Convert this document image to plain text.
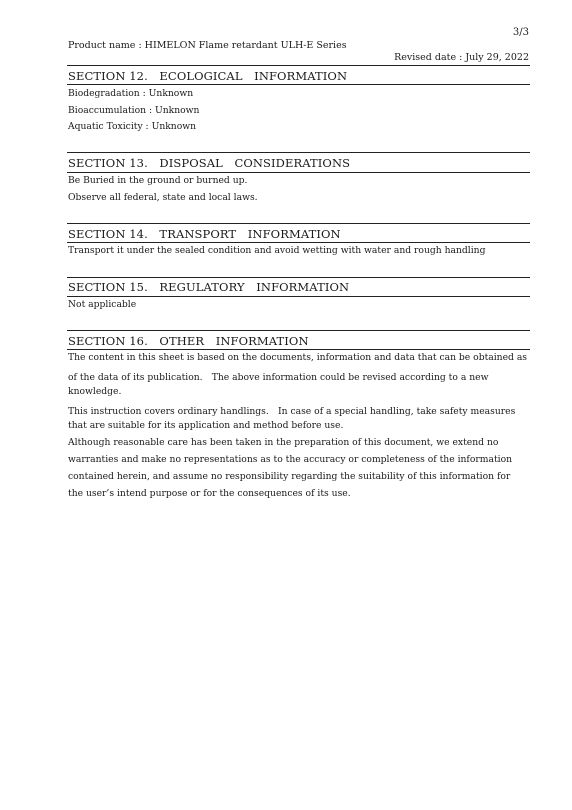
3/3
Product name : HIMELON Flame retardant ULH-E Series
Revised date : July 29, 2022
SECTION 12.　ECOLOGICAL　INFORMATION
Biodegradation : Unknown
Bioaccumulation : Unknown
Aquatic Toxicity : Unknown
SECTION 13.　DISPOSAL　CONSIDERATIONS
Be Buried in the ground or burned up.
Observe all federal, state and local laws.
SECTION 14.　TRANSPORT　INFORMATION
Transport it under the sealed condition and avoid wetting with water and rough handling
SECTION 15.　REGULATORY　INFORMATION
Not applicable
SECTION 16.　OTHER　INFORMATION
The content in this sheet is based on the documents, information and data that can be obtained as
of the data of its publication.　The above information could be revised according to a new
knowledge.
This instruction covers ordinary handlings.　In case of a special handling, take safety measures
that are suitable for its application and method before use.
Although reasonable care has been taken in the preparation of this document, we extend no
warranties and make no representations as to the accuracy or completeness of the information
contained herein, and assume no responsibility regarding the suitability of this information for
the user’s intend purpose or for the consequences of its use.
